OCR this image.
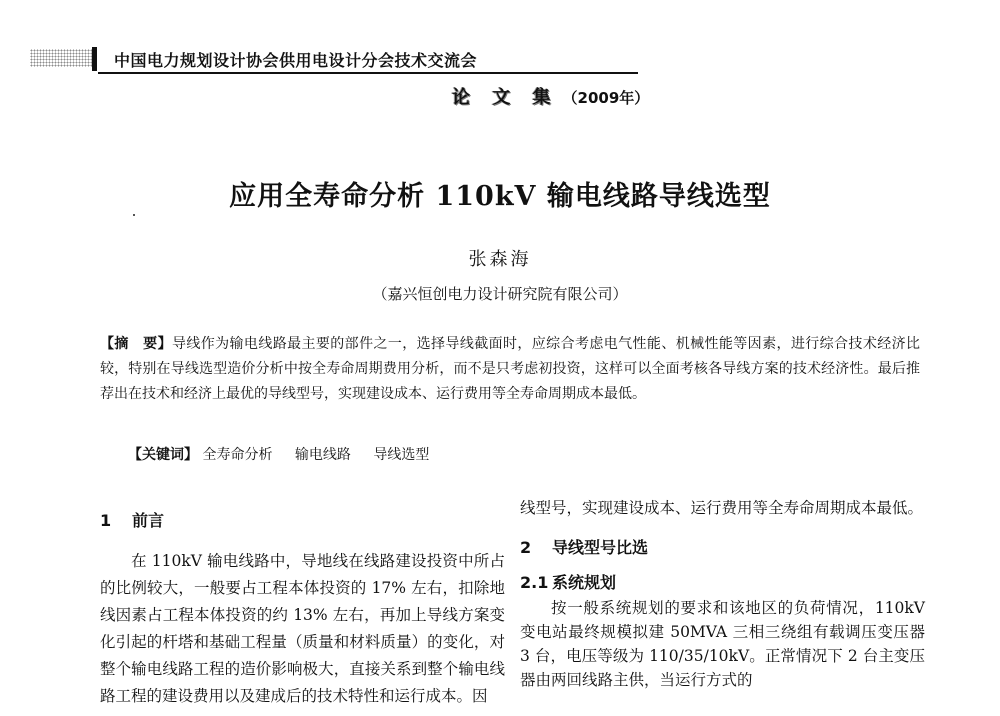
中国电力规划设计协会供用电设计分会技术交流会
论 文 集 （2009年）
应用全寿命分析 110kV 输电线路导线选型
张森海
（嘉兴恒创电力设计研究院有限公司）
【摘　要】导线作为输电线路最主要的部件之一，选择导线截面时，应综合考虑电气性能、机械性能等因素，进行综合技术经济比较，特别在导线选型造价分析中按全寿命周期费用分析，而不是只考虑初投资，这样可以全面考核各导线方案的技术经济性。最后推荐出在技术和经济上最优的导线型号，实现建设成本、运行费用等全寿命周期成本最低。
【关键词】 全寿命分析 输电线路 导线选型

1 前言

在 110kV 输电线路中，导地线在线路建设投资中所占的比例较大，一般要占工程本体投资的 17% 左右，扣除地线因素占工程本体投资的约 13% 左右，再加上导线方案变化引起的杆塔和基础工程量（质量和材料质量）的变化，对整个输电线路工程的造价影响极大，直接关系到整个输电线路工程的建设费用以及建成后的技术特性和运行成本。因

线型号，实现建设成本、运行费用等全寿命周期成本最低。

2 导线型号比选

2.1 系统规划

按一般系统规划的要求和该地区的负荷情况，110kV 变电站最终规模拟建 50MVA 三相三绕组有载调压变压器 3 台，电压等级为 110/35/10kV。正常情况下 2 台主变压器由两回线路主供，当运行方式的
